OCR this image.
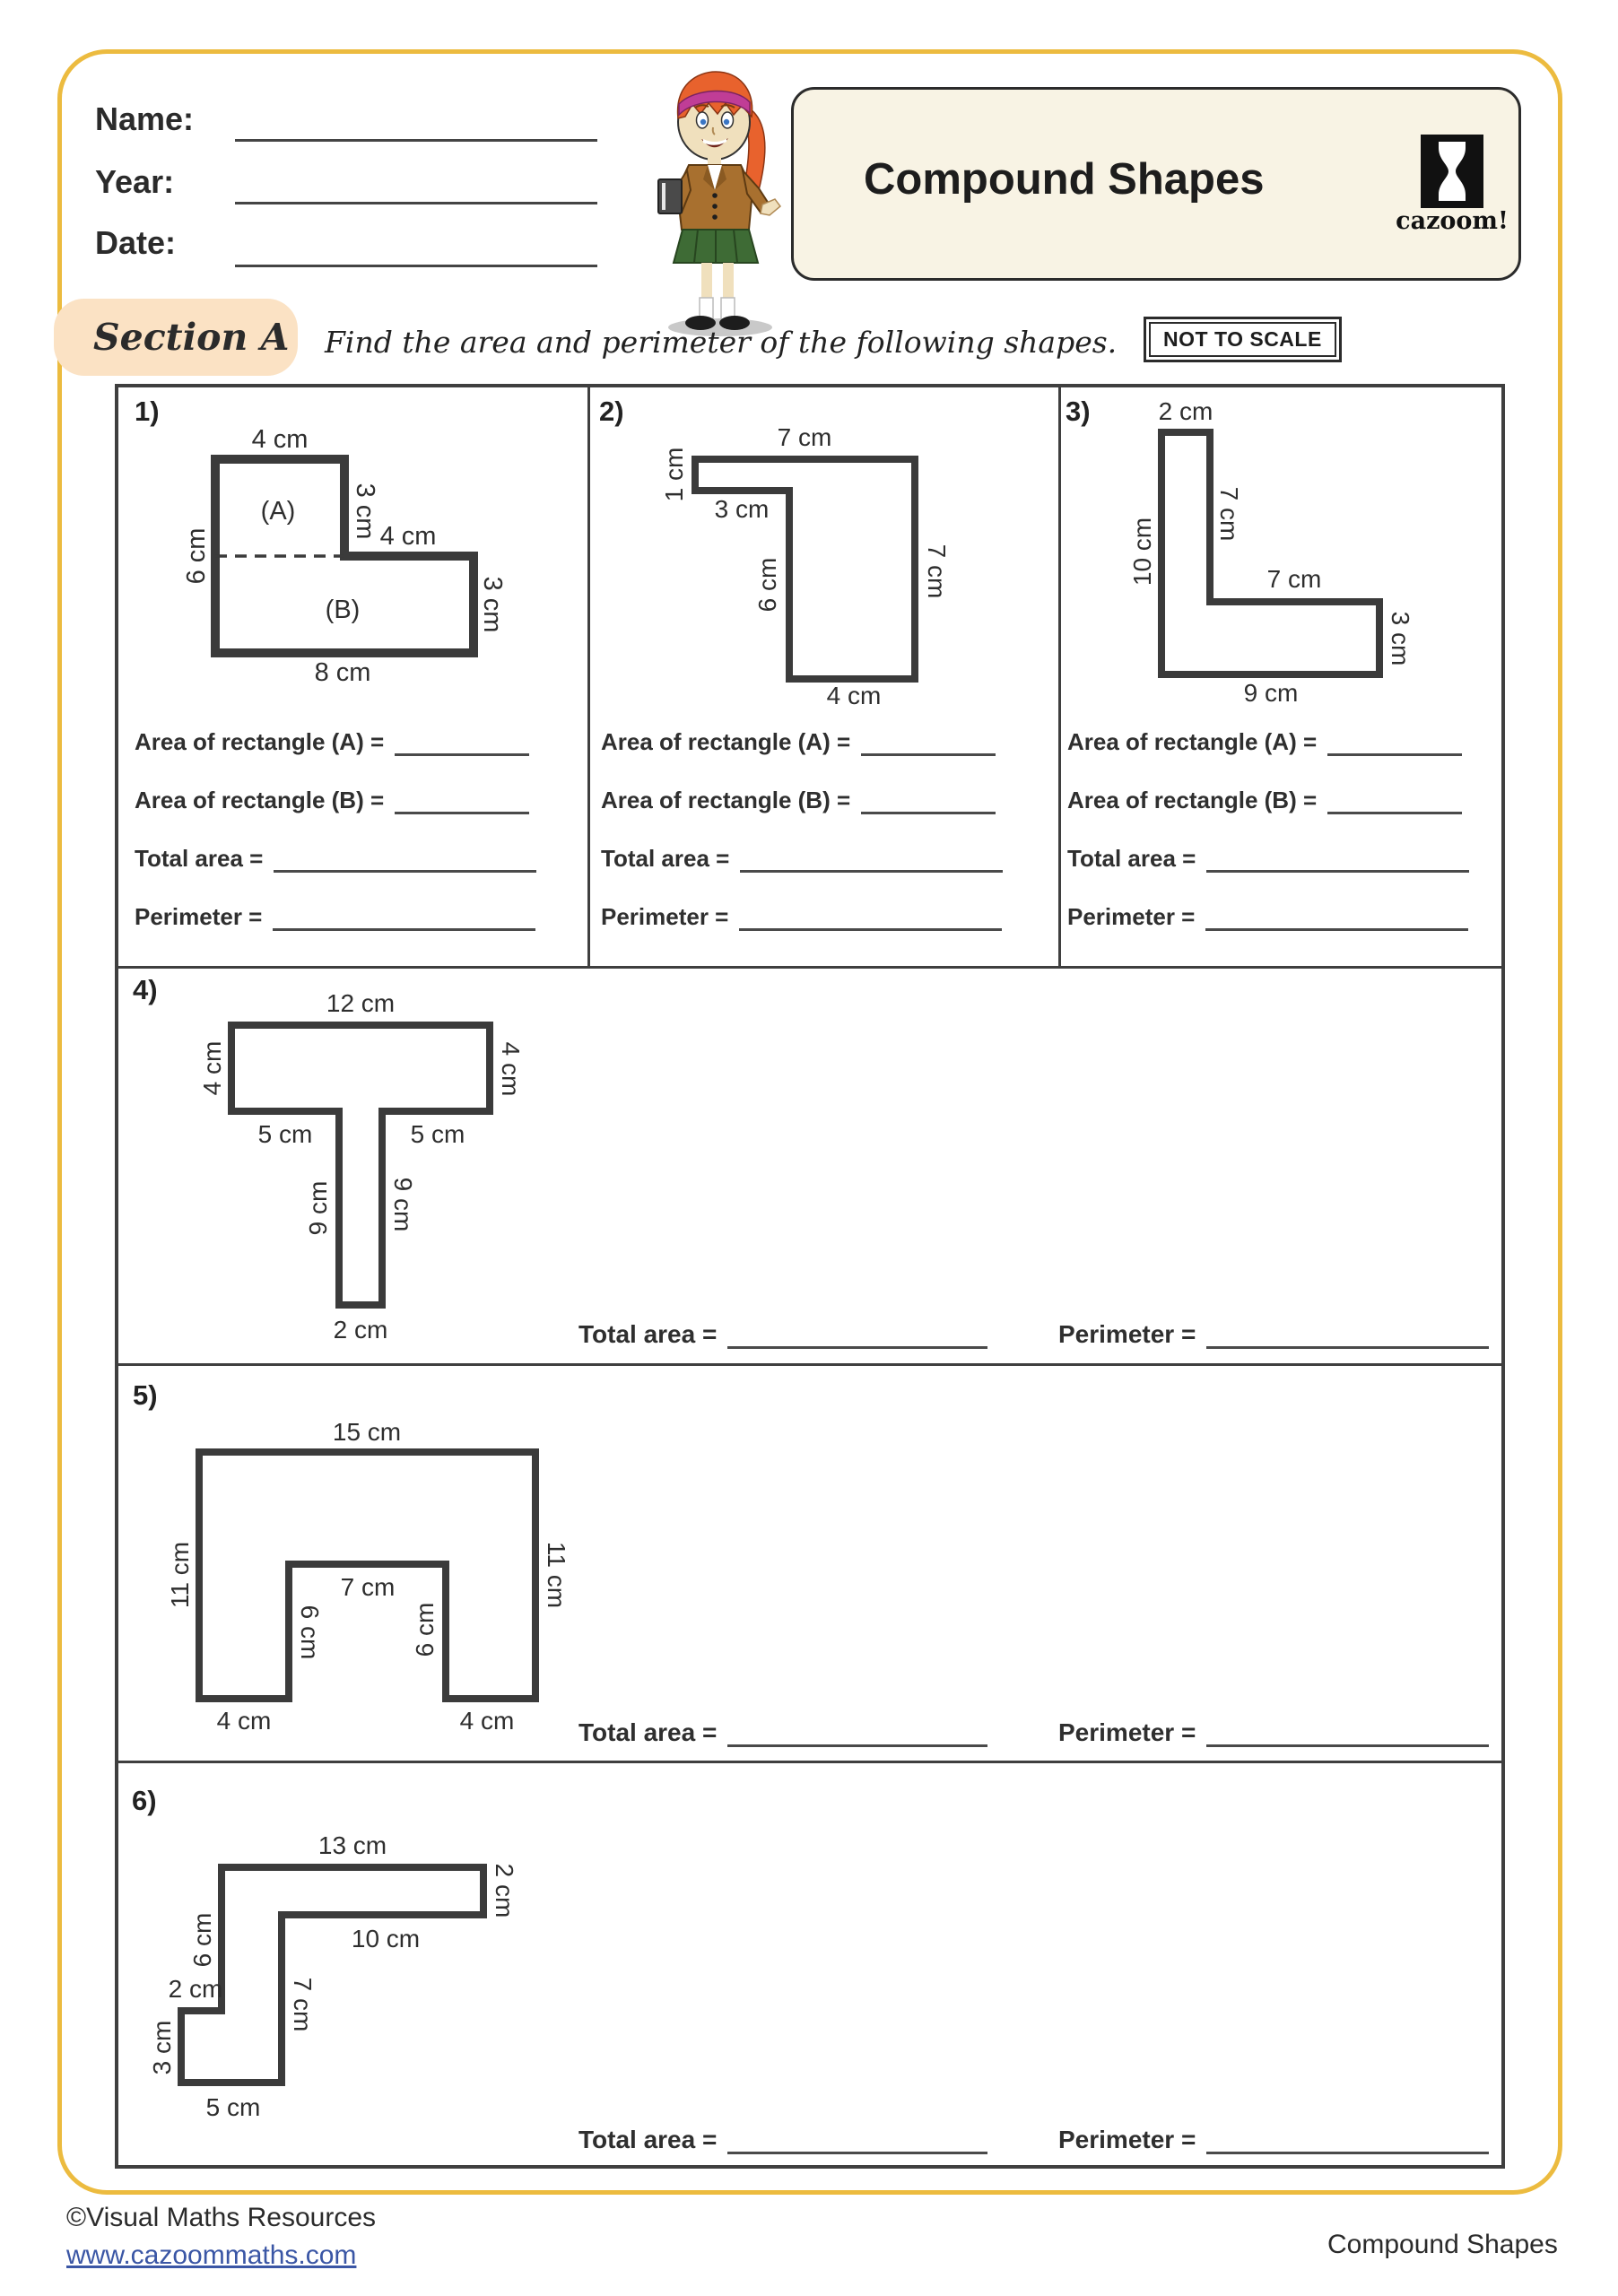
Name:
Year:
Date:
Compound Shapes
cazoom!
Section A Find the area and perimeter of the following shapes.	NOT TO SCALE
1)	2)	3)
4)
5)
6)
4 cm
3 cm 4 cm
3 cm
6 cm
8 cm
(A)
(B)
7 cm
1 cm
3 cm
6 cm	7 cm
4 cm
2 cm
7 cm
10 cm	7 cm
3 cm
9 cm
12 cm
4 cm	4 cm
5 cm	5 cm
9 cm 9 cm
2 cm
15 cm
11 cm	11 cm
7 cm
6 cm	6 cm
4 cm	4 cm
13 cm
2 cm
10 cm
6 cm
7 cm
2 cm
3 cm
5 cm
Area of rectangle (A) =
Area of rectangle (B) =
Total area =
Perimeter =
Area of rectangle (A) =
Area of rectangle (B) =
Total area =
Perimeter =
Area of rectangle (A) =
Area of rectangle (B) =
Total area =
Perimeter =
Total area =	Perimeter =
Total area =	Perimeter =
Total area =	Perimeter =
©Visual Maths Resources
www.cazoommaths.com	Compound Shapes
